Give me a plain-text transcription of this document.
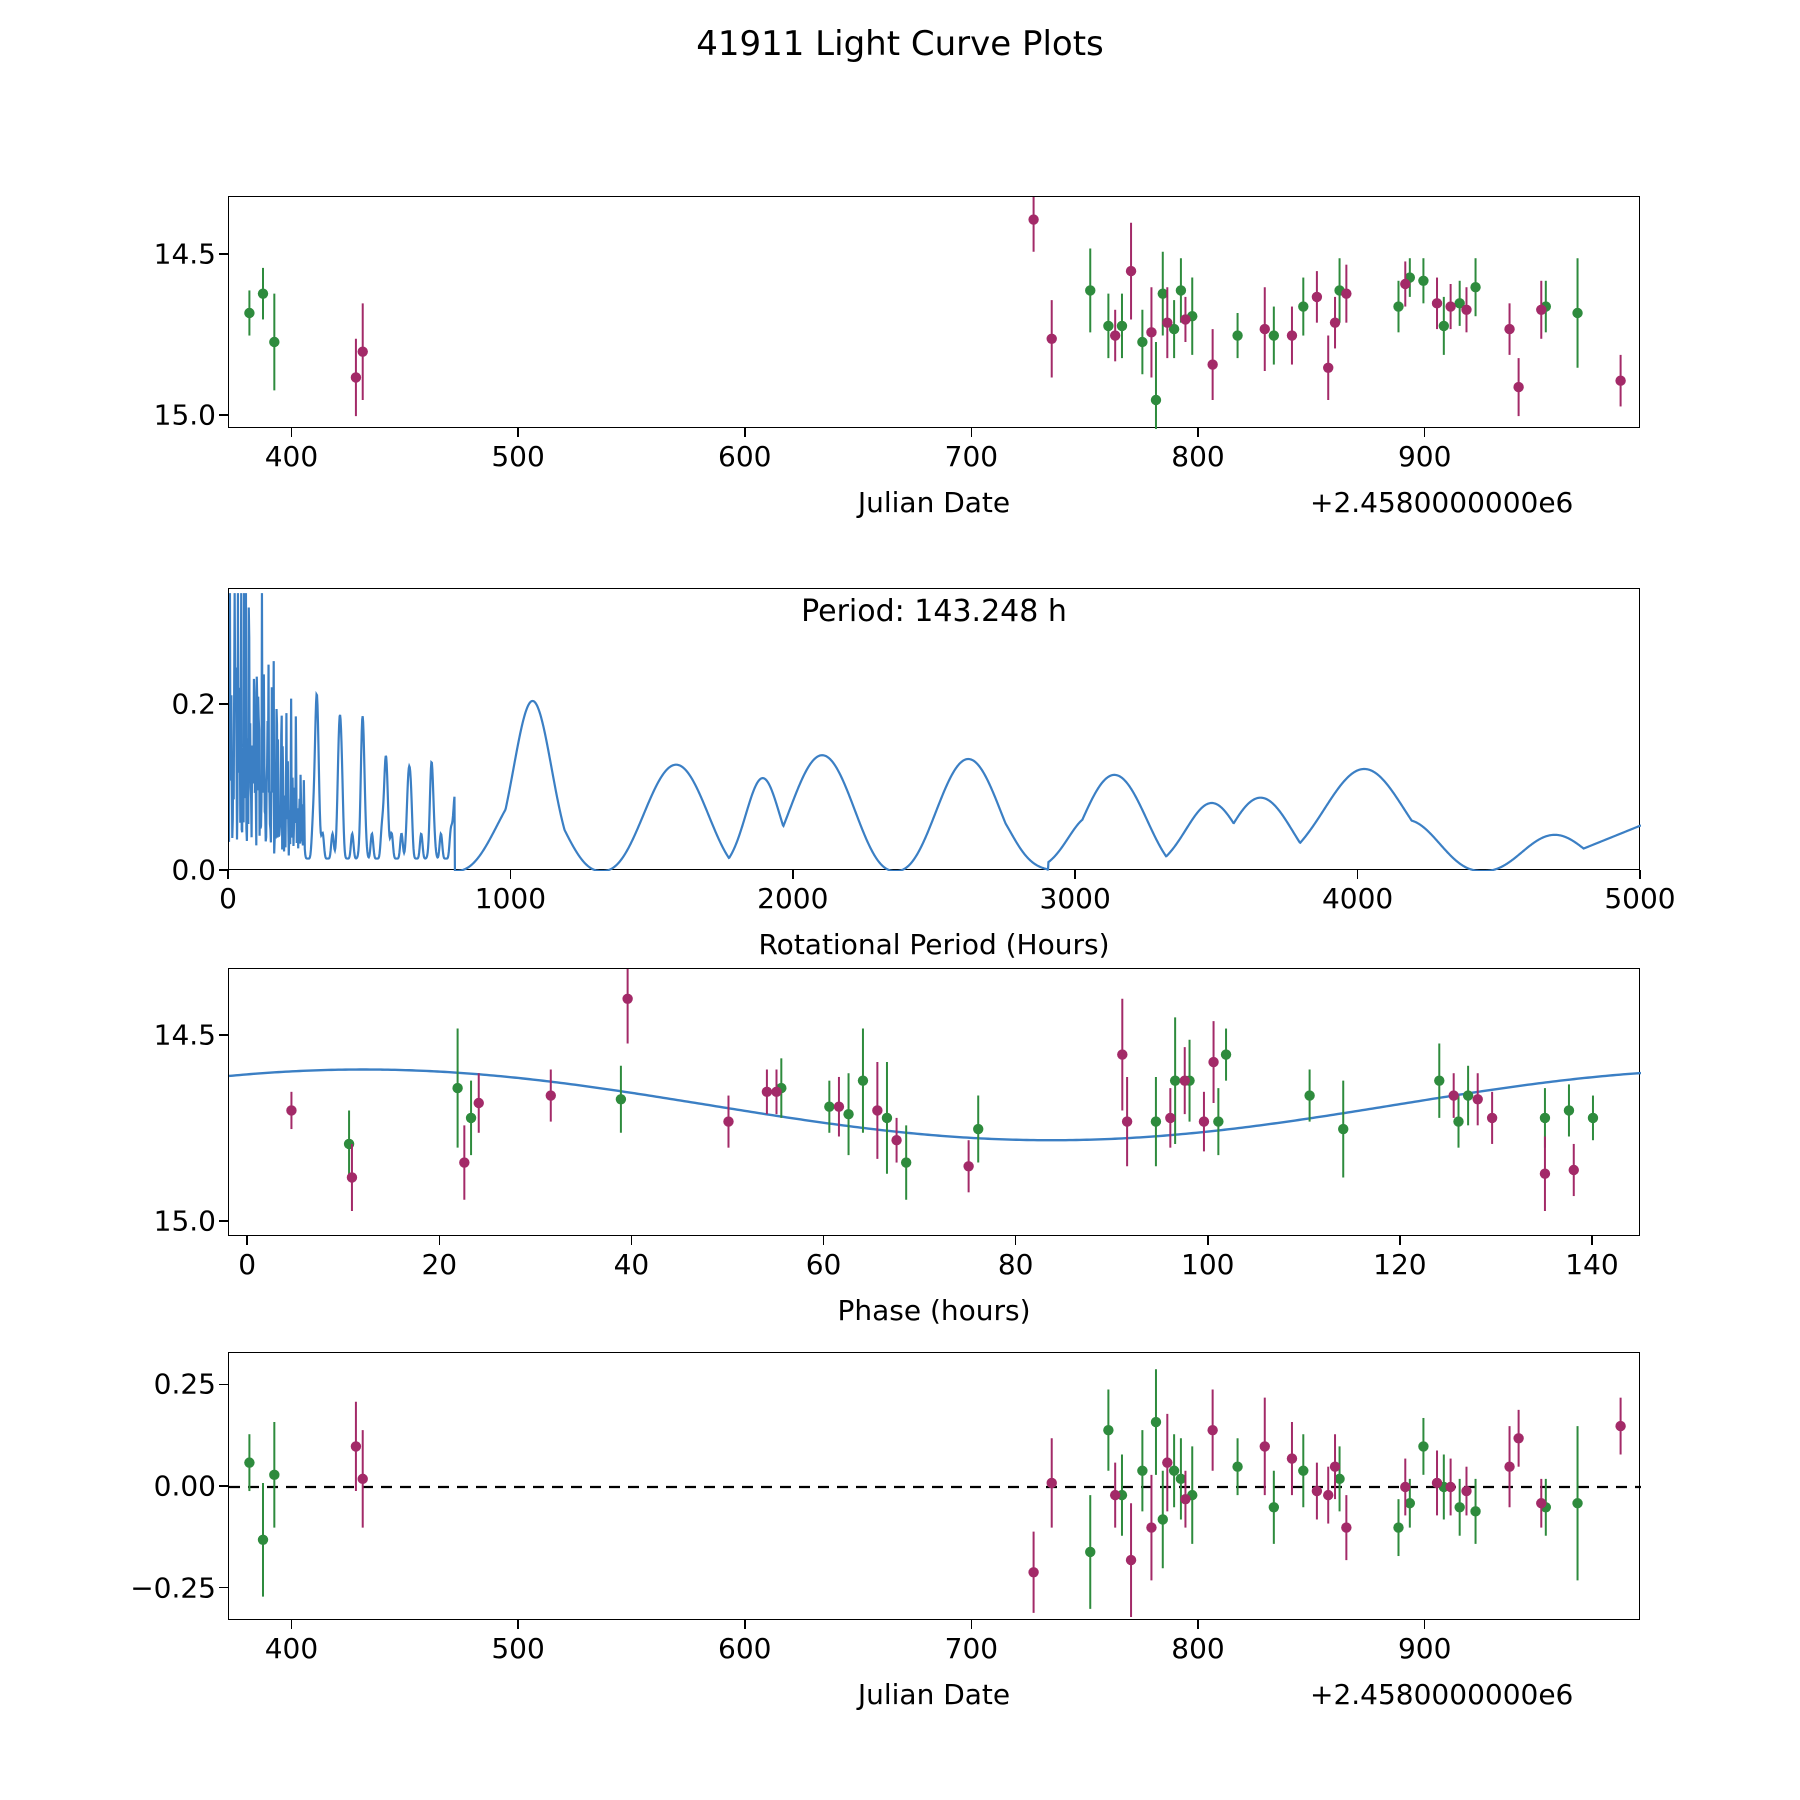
41911 Light Curve Plots
400	500	600	700	800	900
14.5
15.0
Julian Date	+2.4580000000e6
0	1000	2000	3000	4000	5000
0.0
0.2
Rotational Period (Hours)
Period: 143.248 h
0	20	40	60	80	100	120	140
14.5
15.0
Phase (hours)
400	500	600	700	800	900
−0.25
0.00
0.25
Julian Date	+2.4580000000e6
